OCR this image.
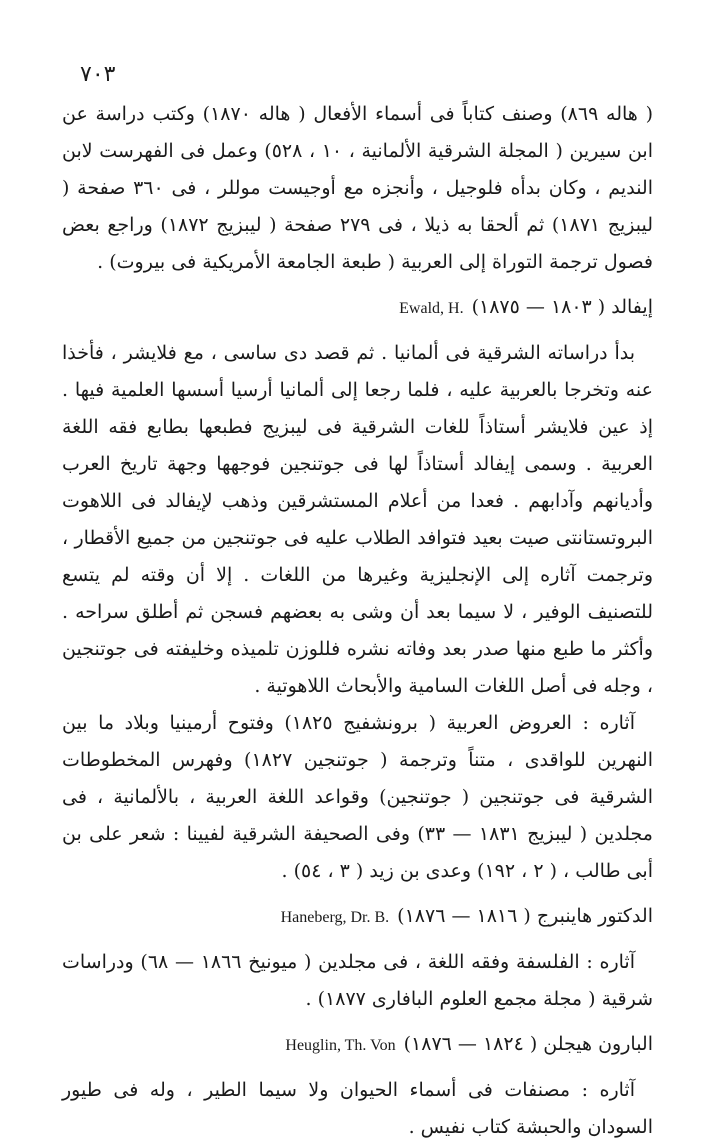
٧٠٣

( هاله ٨٦٩) وصنف كتاباً فى أسماء الأفعال ( هاله ١٨٧٠) وكتب دراسة عن ابن سيرين ( المجلة الشرقية الألمانية ، ١٠ ، ٥٢٨) وعمل فى الفهرست لابن النديم ، وكان بدأه فلوجيل ، وأنجزه مع أوجيست موللر ، فى ٣٦٠ صفحة ( ليبزيج ١٨٧١) ثم ألحقا به ذيلا ، فى ٢٧٩ صفحة ( ليبزيج ١٨٧٢) وراجع بعض فصول ترجمة التوراة إلى العربية ( طبعة الجامعة الأمريكية فى بيروت) .

Ewald, H. إيفالد ( ١٨٠٣ — ١٨٧٥)

بدأ دراساته الشرقية فى ألمانيا . ثم قصد دى ساسى ، مع فلايشر ، فأخذا عنه وتخرجا بالعربية عليه ، فلما رجعا إلى ألمانيا أرسيا أسسها العلمية فيها . إذ عين فلايشر أستاذاً للغات الشرقية فى ليبزيج فطبعها بطابع فقه اللغة العربية . وسمى إيفالد أستاذاً لها فى جوتنجين فوجهها وجهة تاريخ العرب وأديانهم وآدابهم . فعدا من أعلام المستشرقين وذهب لإيفالد فى اللاهوت البروتستانتى صيت بعيد فتوافد الطلاب عليه فى جوتنجين من جميع الأقطار ، وترجمت آثاره إلى الإنجليزية وغيرها من اللغات . إلا أن وقته لم يتسع للتصنيف الوفير ، لا سيما بعد أن وشى به بعضهم فسجن ثم أطلق سراحه . وأكثر ما طبع منها صدر بعد وفاته نشره فللوزن تلميذه وخليفته فى جوتنجين ، وجله فى أصل اللغات السامية والأبحاث اللاهوتية .

آثاره : العروض العربية ( برونشفيج ١٨٢٥) وفتوح أرمينيا وبلاد ما بين النهرين للواقدى ، متناً وترجمة ( جوتنجين ١٨٢٧) وفهرس المخطوطات الشرقية فى جوتنجين ( جوتنجين) وقواعد اللغة العربية ، بالألمانية ، فى مجلدين ( ليبزيج ١٨٣١ — ٣٣) وفى الصحيفة الشرقية لفيينا : شعر على بن أبى طالب ، ( ٢ ، ١٩٢) وعدى بن زيد ( ٣ ، ٥٤) .

Haneberg, Dr. B. الدكتور هاينبرج ( ١٨١٦ — ١٨٧٦)

آثاره : الفلسفة وفقه اللغة ، فى مجلدين ( ميونيخ ١٨٦٦ — ٦٨) ودراسات شرقية ( مجلة مجمع العلوم البافارى ١٨٧٧) .

Heuglin, Th. Von البارون هيجلن ( ١٨٢٤ — ١٨٧٦)

آثاره : مصنفات فى أسماء الحيوان ولا سيما الطير ، وله فى طيور السودان والحبشة كتاب نفيس .
